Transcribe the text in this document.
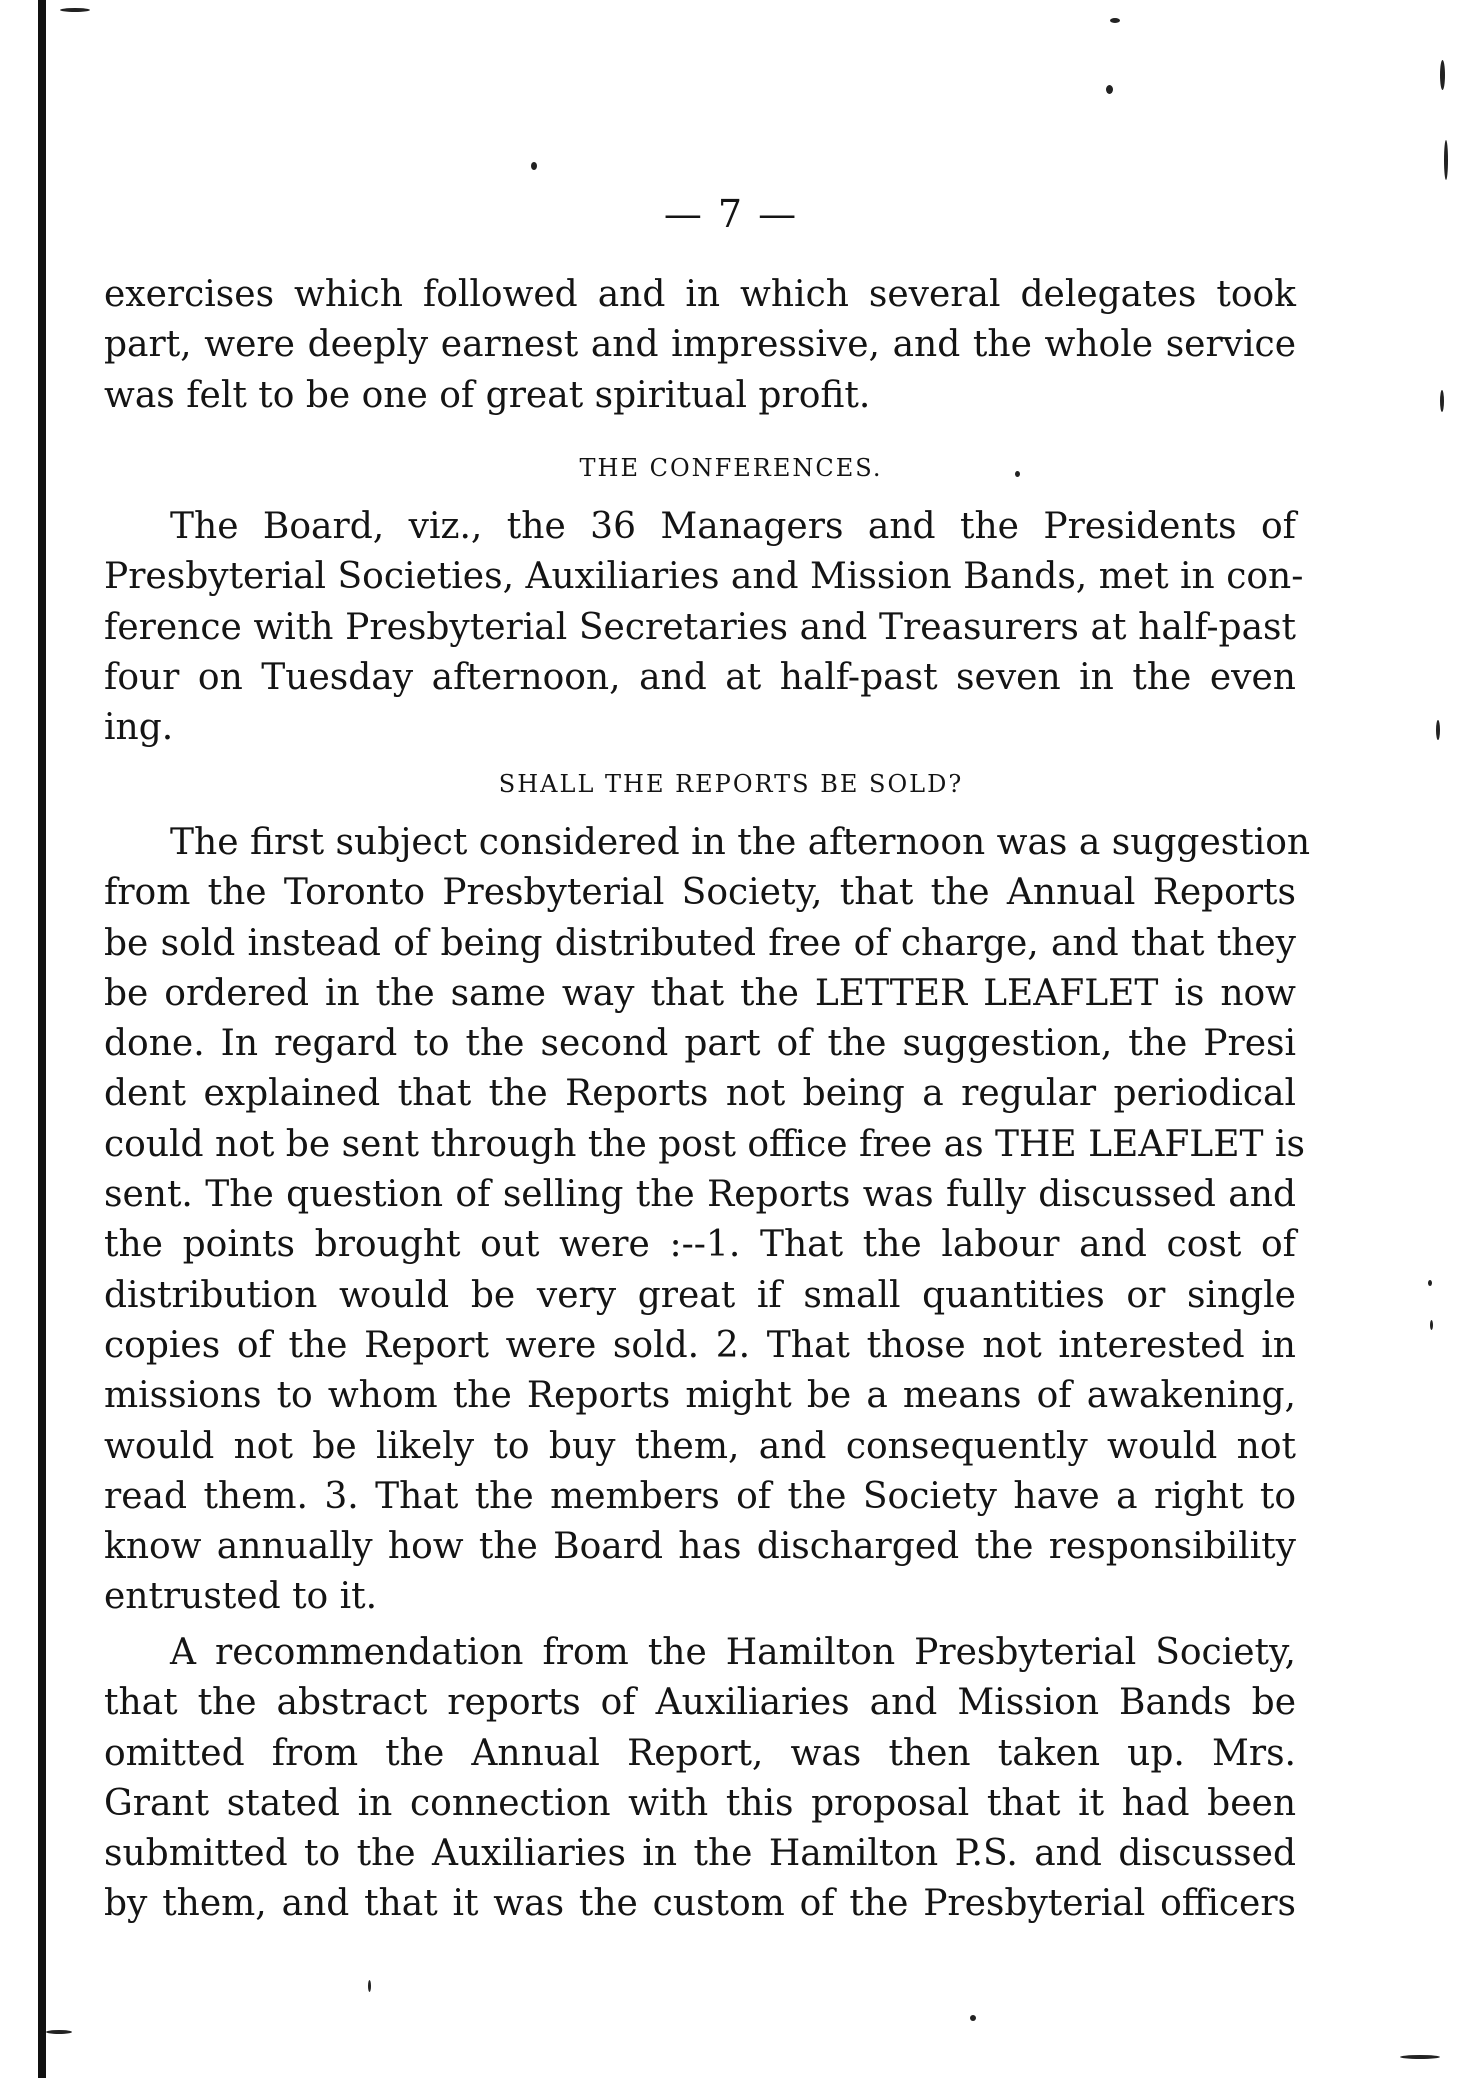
— 7 —
exercises which followed and in which several delegates took
part, were deeply earnest and impressive, and the whole service
was felt to be one of great spiritual profit.
THE CONFERENCES.
The Board, viz., the 36 Managers and the Presidents of
Presbyterial Societies, Auxiliaries and Mission Bands, met in con-
ference with Presbyterial Secretaries and Treasurers at half-past
four on Tuesday afternoon, and at half-past seven in the even
ing.
SHALL THE REPORTS BE SOLD?
The first subject considered in the afternoon was a suggestion
from the Toronto Presbyterial Society, that the Annual Reports
be sold instead of being distributed free of charge, and that they
be ordered in the same way that the LETTER LEAFLET is now
done. In regard to the second part of the suggestion, the Presi
dent explained that the Reports not being a regular periodical
could not be sent through the post office free as THE LEAFLET is
sent. The question of selling the Reports was fully discussed and
the points brought out were :--1. That the labour and cost of
distribution would be very great if small quantities or single
copies of the Report were sold. 2. That those not interested in
missions to whom the Reports might be a means of awakening,
would not be likely to buy them, and consequently would not
read them. 3. That the members of the Society have a right to
know annually how the Board has discharged the responsibility
entrusted to it.
A recommendation from the Hamilton Presbyterial Society,
that the abstract reports of Auxiliaries and Mission Bands be
omitted from the Annual Report, was then taken up. Mrs.
Grant stated in connection with this proposal that it had been
submitted to the Auxiliaries in the Hamilton P.S. and discussed
by them, and that it was the custom of the Presbyterial officers
